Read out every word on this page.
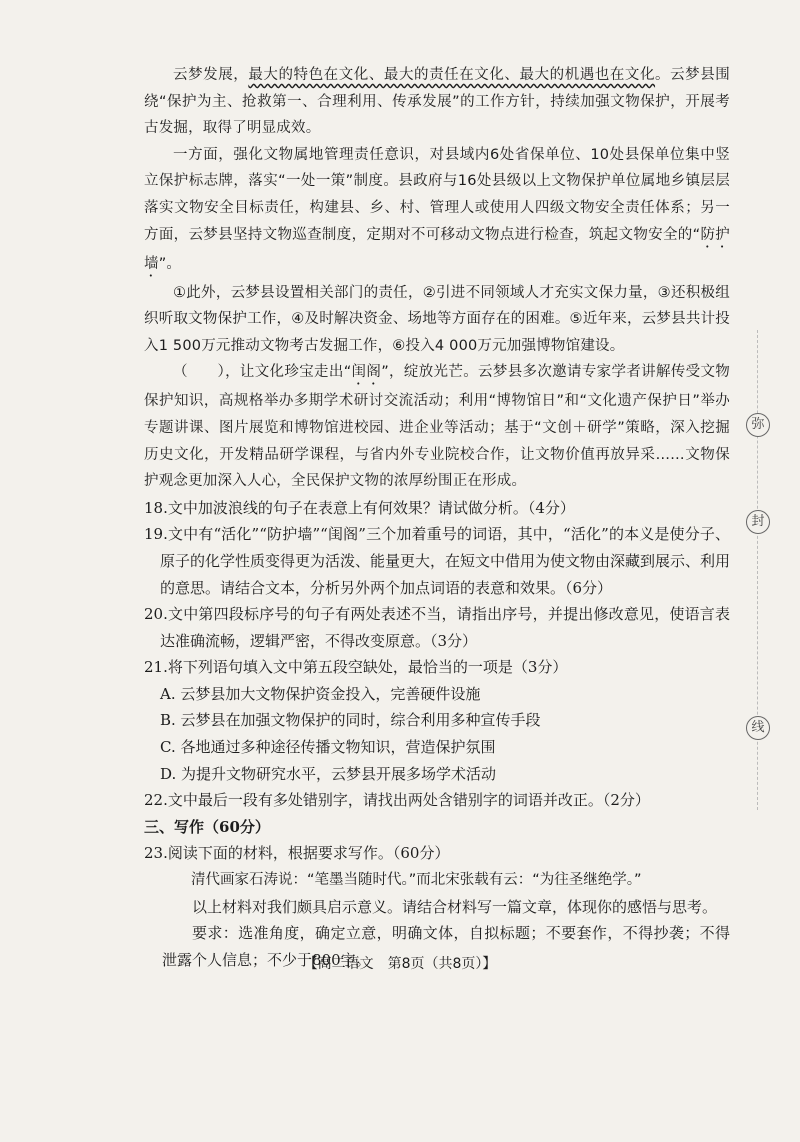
弥
封
线

云梦发展，最大的特色在文化、最大的责任在文化、最大的机遇也在文化。云梦县围绕“保护为主、抢救第一、合理利用、传承发展”的工作方针，持续加强文物保护，开展考古发掘，取得了明显成效。

一方面，强化文物属地管理责任意识，对县域内6处省保单位、10处县保单位集中竖立保护标志牌，落实“一处一策”制度。县政府与16处县级以上文物保护单位属地乡镇层层落实文物安全目标责任，构建县、乡、村、管理人或使用人四级文物安全责任体系；另一方面，云梦县坚持文物巡查制度，定期对不可移动文物点进行检查，筑起文物安全的“防护墙”。

①此外，云梦县设置相关部门的责任，②引进不同领域人才充实文保力量，③还积极组织听取文物保护工作，④及时解决资金、场地等方面存在的困难。⑤近年来，云梦县共计投入1 500万元推动文物考古发掘工作，⑥投入4 000万元加强博物馆建设。

（　　），让文化珍宝走出“闺阁”，绽放光芒。云梦县多次邀请专家学者讲解传受文物保护知识，高规格举办多期学术研讨交流活动；利用“博物馆日”和“文化遗产保护日”举办专题讲课、图片展览和博物馆进校园、进企业等活动；基于“文创＋研学”策略，深入挖掘历史文化，开发精品研学课程，与省内外专业院校合作，让文物价值再放异采……文物保护观念更加深入人心，全民保护文物的浓厚纷围正在形成。

18.文中加波浪线的句子在表意上有何效果？请试做分析。（4分）

19.文中有“活化”“防护墙”“闺阁”三个加着重号的词语，其中，“活化”的本义是使分子、原子的化学性质变得更为活泼、能量更大，在短文中借用为使文物由深藏到展示、利用的意思。请结合文本，分析另外两个加点词语的表意和效果。（6分）

20.文中第四段标序号的句子有两处表述不当，请指出序号，并提出修改意见，使语言表达准确流畅，逻辑严密，不得改变原意。（3分）

21.将下列语句填入文中第五段空缺处，最恰当的一项是（3分）

A. 云梦县加大文物保护资金投入，完善硬件设施

B. 云梦县在加强文物保护的同时，综合利用多种宣传手段

C. 各地通过多种途径传播文物知识，营造保护氛围

D. 为提升文物研究水平，云梦县开展多场学术活动

22.文中最后一段有多处错别字，请找出两处含错别字的词语并改正。（2分）

三、写作（60分）

23.阅读下面的材料，根据要求写作。（60分）

清代画家石涛说：“笔墨当随时代。”而北宋张载有云：“为往圣继绝学。”

以上材料对我们颇具启示意义。请结合材料写一篇文章，体现你的感悟与思考。

要求：选准角度，确定立意，明确文体，自拟标题；不要套作，不得抄袭；不得泄露个人信息；不少于800字。

【高二语文　第8页（共8页）】
